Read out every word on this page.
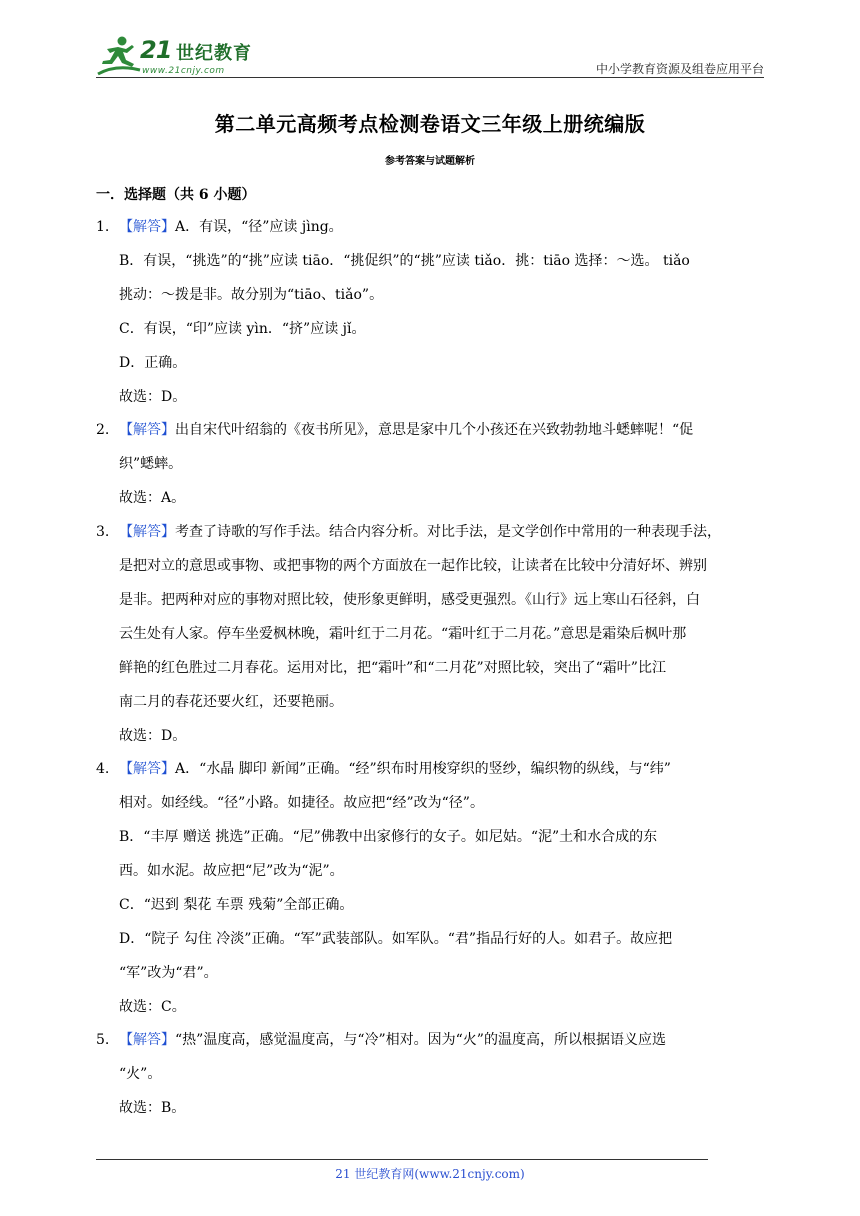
21 世纪教育
www.21cnjy.com	中小学教育资源及组卷应用平台
第二单元高频考点检测卷语文三年级上册统编版
参考答案与试题解析
一．选择题（共 6 小题）
1. 【解答】A．有误，“径”应读 jìng。
B．有误，“挑选”的“挑”应读 tiāo．“挑促织”的“挑”应读 tiǎo．挑：tiāo 选择：～选。 tiǎo
挑动：～拨是非。故分别为“tiāo、tiǎo”。
C．有误，“印”应读 yìn．“挤”应读 jǐ。
D．正确。
故选：D。
2. 【解答】出自宋代叶绍翁的《夜书所见》，意思是家中几个小孩还在兴致勃勃地斗蟋蟀呢！“促
织”蟋蟀。
故选：A。
3. 【解答】考查了诗歌的写作手法。结合内容分析。对比手法，是文学创作中常用的一种表现手法，
是把对立的意思或事物、或把事物的两个方面放在一起作比较，让读者在比较中分清好坏、辨别
是非。把两种对应的事物对照比较，使形象更鲜明，感受更强烈。《山行》远上寒山石径斜，白
云生处有人家。停车坐爱枫林晚，霜叶红于二月花。“霜叶红于二月花。”意思是霜染后枫叶那
鲜艳的红色胜过二月春花。运用对比，把“霜叶”和“二月花”对照比较，突出了“霜叶”比江
南二月的春花还要火红，还要艳丽。
故选：D。
4. 【解答】A．“水晶 脚印 新闻”正确。“经”织布时用梭穿织的竖纱，编织物的纵线，与“纬”
相对。如经线。“径”小路。如捷径。故应把“经”改为“径”。
B．“丰厚 赠送 挑选”正确。“尼”佛教中出家修行的女子。如尼姑。“泥”土和水合成的东
西。如水泥。故应把“尼”改为“泥”。
C．“迟到 梨花 车票 残菊”全部正确。
D．“院子 勾住 冷淡”正确。“军”武装部队。如军队。“君”指品行好的人。如君子。故应把
“军”改为“君”。
故选：C。
5. 【解答】“热”温度高，感觉温度高，与“冷”相对。因为“火”的温度高，所以根据语义应选
“火”。
故选：B。
21 世纪教育网(www.21cnjy.com)
